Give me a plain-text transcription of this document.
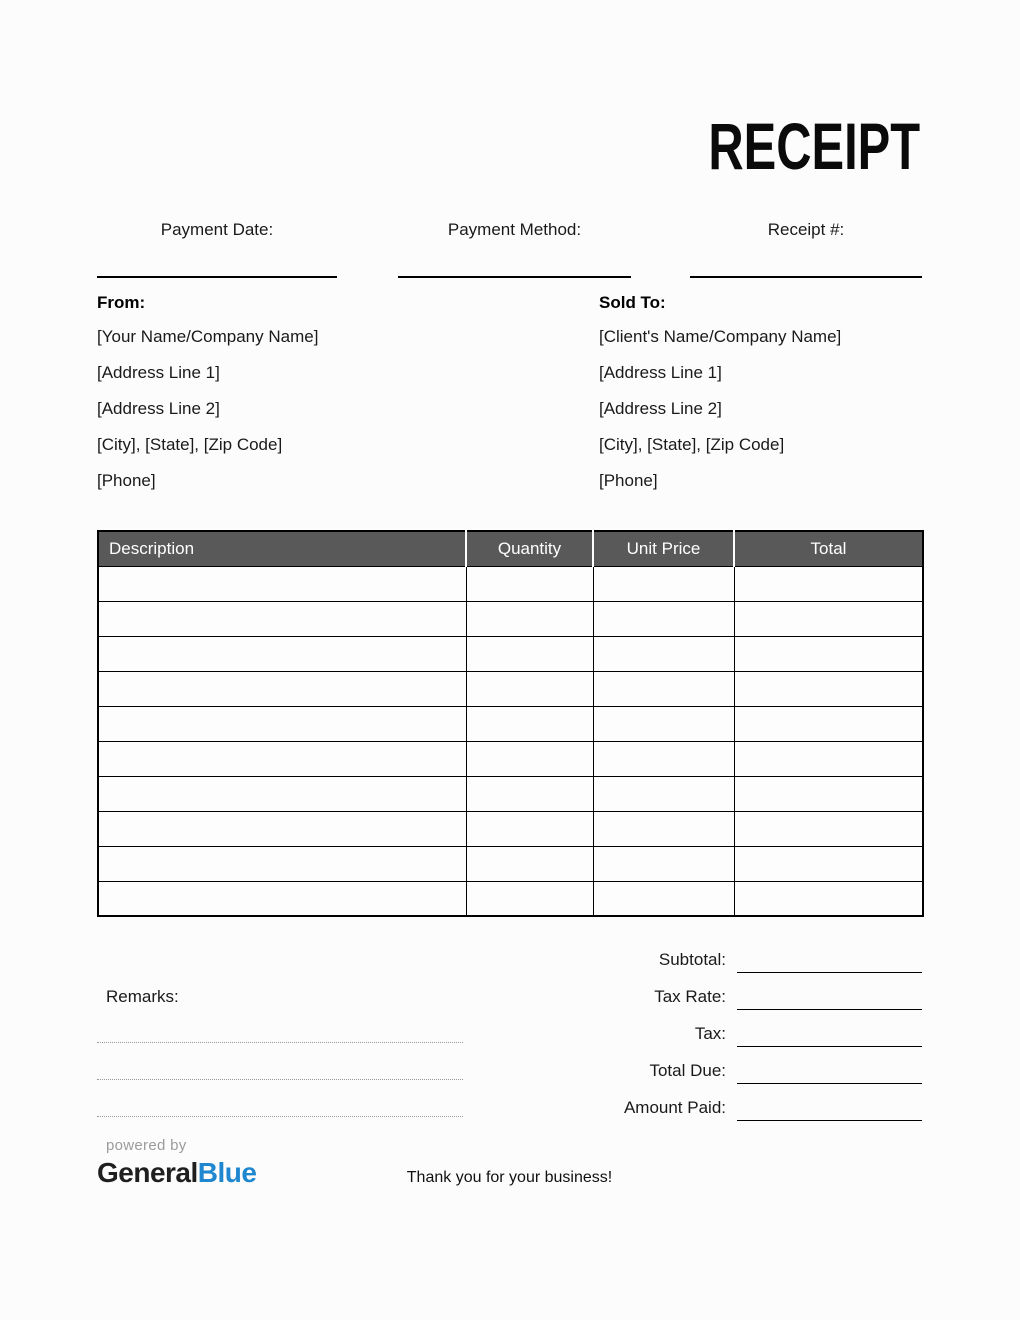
RECEIPT
Payment Date:	Payment Method:	Receipt #:
From:
[Your Name/Company Name]
[Address Line 1]
[Address Line 2]
[City], [State], [Zip Code]
[Phone]
Sold To:
[Client's Name/Company Name]
[Address Line 1]
[Address Line 2]
[City], [State], [Zip Code]
[Phone]
Description	Quantity	Unit Price	Total

Subtotal:
Tax Rate:
Tax:
Total Due:
Amount Paid:
Remarks:
powered by
GeneralBlue	Thank you for your business!
